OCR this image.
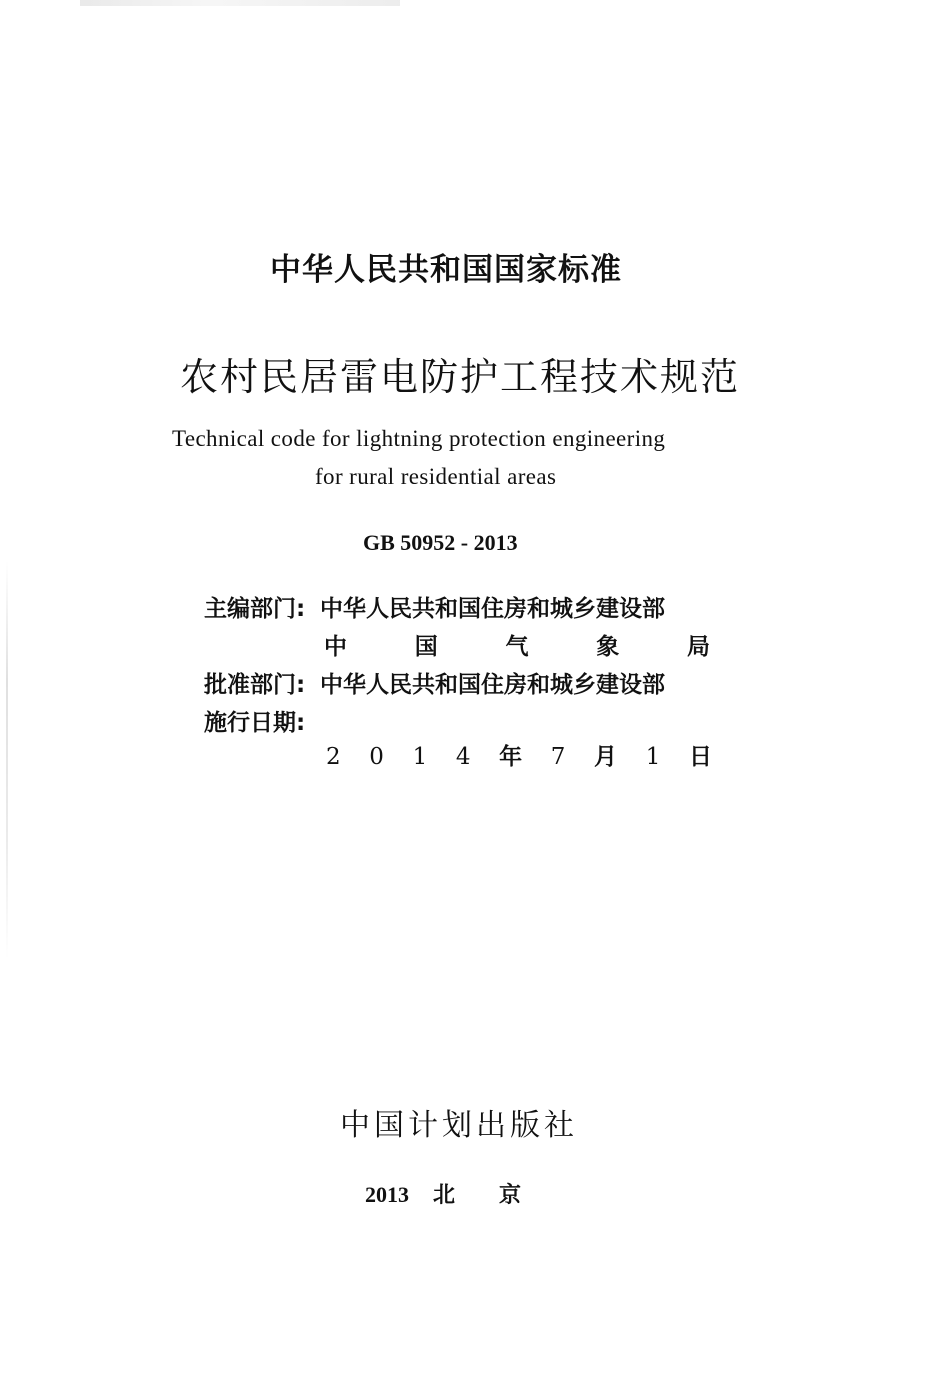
中华人民共和国国家标准
农村民居雷电防护工程技术规范
Technical code for lightning protection engineering
for rural residential areas
GB 50952 - 2013
主编部门: 中华人民共和国住房和城乡建设部
中	国	气	象	局
批准部门: 中华人民共和国住房和城乡建设部
施行日期:
2 0 1 4 年 7 月 1 日
中国计划出版社
2013 北京
